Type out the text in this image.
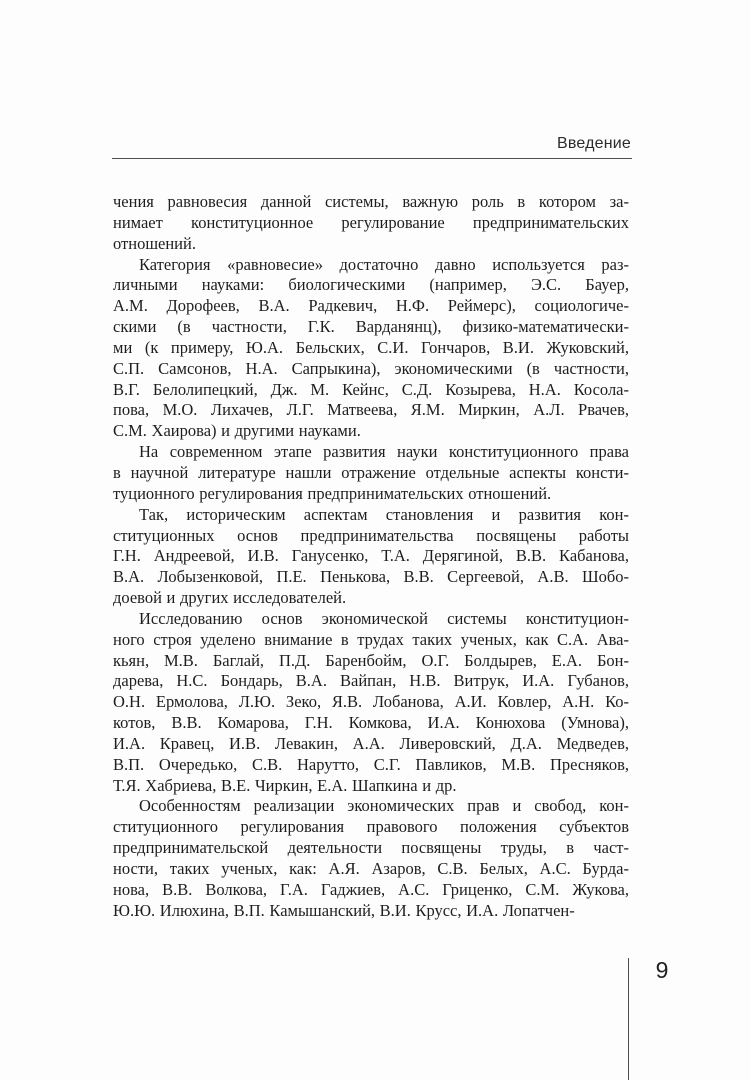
Введение
чения равновесия данной системы, важную роль в котором за-
нимает конституционное регулирование предпринимательских
отношений.
Категория «равновесие» достаточно давно используется раз-
личными науками: биологическими (например, Э.С. Бауер,
А.М. Дорофеев, В.А. Радкевич, Н.Ф. Реймерс), социологиче-
скими (в частности, Г.К. Варданянц), физико-математически-
ми (к примеру, Ю.А. Бельских, С.И. Гончаров, В.И. Жуковский,
С.П. Самсонов, Н.А. Сапрыкина), экономическими (в частности,
В.Г. Белолипецкий, Дж. М. Кейнс, С.Д. Козырева, Н.А. Косола-
пова, М.О. Лихачев, Л.Г. Матвеева, Я.М. Миркин, А.Л. Рвачев,
С.М. Хаирова) и другими науками.
На современном этапе развития науки конституционного права
в научной литературе нашли отражение отдельные аспекты консти-
туционного регулирования предпринимательских отношений.
Так, историческим аспектам становления и развития кон-
ституционных основ предпринимательства посвящены работы
Г.Н. Андреевой, И.В. Ганусенко, Т.А. Дерягиной, В.В. Кабанова,
В.А. Лобызенковой, П.Е. Пенькова, В.В. Сергеевой, А.В. Шобо-
доевой и других исследователей.
Исследованию основ экономической системы конституцион-
ного строя уделено внимание в трудах таких ученых, как С.А. Ава-
кьян, М.В. Баглай, П.Д. Баренбойм, О.Г. Болдырев, Е.А. Бон-
дарева, Н.С. Бондарь, В.А. Вайпан, Н.В. Витрук, И.А. Губанов,
О.Н. Ермолова, Л.Ю. Зеко, Я.В. Лобанова, А.И. Ковлер, А.Н. Ко-
котов, В.В. Комарова, Г.Н. Комкова, И.А. Конюхова (Умнова),
И.А. Кравец, И.В. Левакин, А.А. Ливеровский, Д.А. Медведев,
В.П. Очередько, С.В. Нарутто, С.Г. Павликов, М.В. Пресняков,
Т.Я. Хабриева, В.Е. Чиркин, Е.А. Шапкина и др.
Особенностям реализации экономических прав и свобод, кон-
ституционного регулирования правового положения субъектов
предпринимательской деятельности посвящены труды, в част-
ности, таких ученых, как: А.Я. Азаров, С.В. Белых, А.С. Бурда-
нова, В.В. Волкова, Г.А. Гаджиев, А.С. Гриценко, С.М. Жукова,
Ю.Ю. Илюхина, В.П. Камышанский, В.И. Крусс, И.А. Лопатчен-
9
